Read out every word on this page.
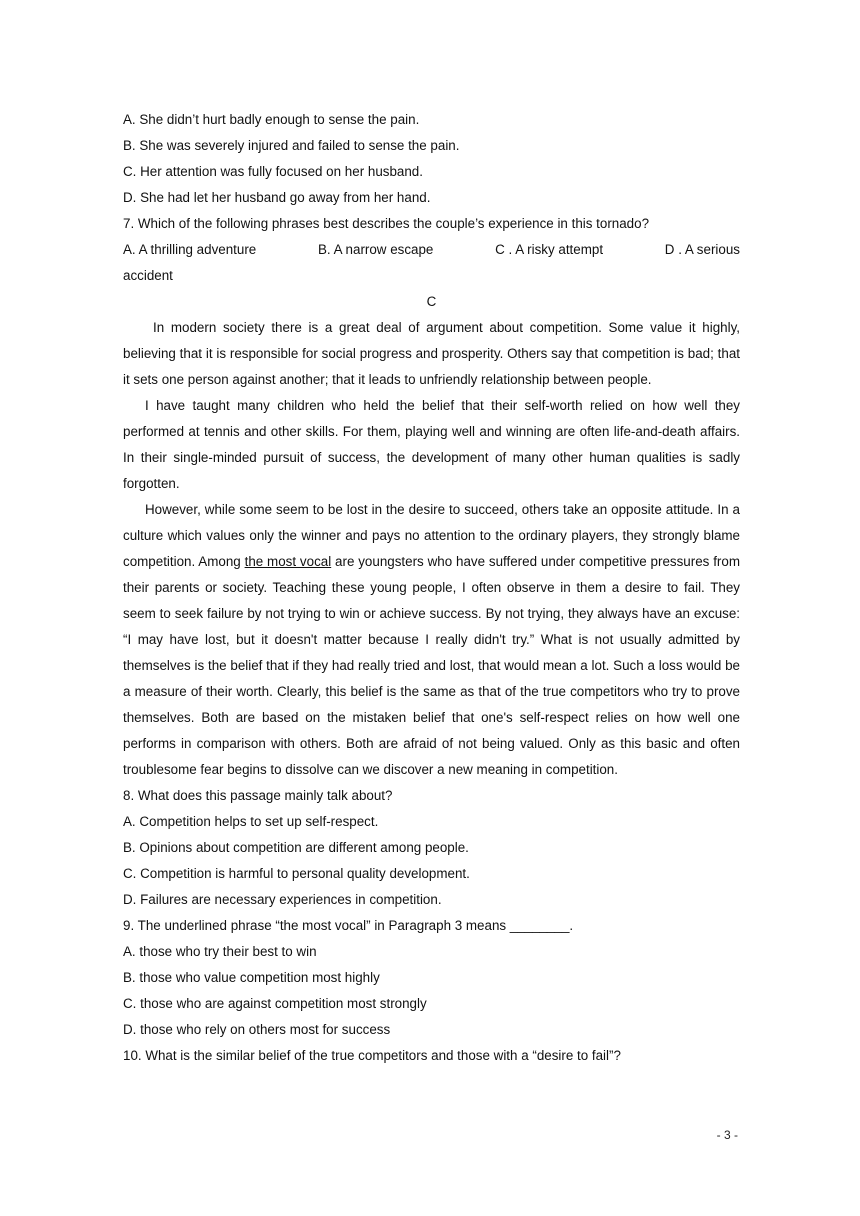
A. She didn’t hurt badly enough to sense the pain.
B. She was severely injured and failed to sense the pain.
C. Her attention was fully focused on her husband.
D. She had let her husband go away from her hand.
7. Which of the following phrases best describes the couple’s experience in this tornado?
A. A thrilling adventure	B. A narrow escape	C . A risky attempt	D . A serious
accident
C

In modern society there is a great deal of argument about competition. Some value it highly, believing that it is responsible for social progress and prosperity. Others say that competition is bad; that it sets one person against another; that it leads to unfriendly relationship between people.

I have taught many children who held the belief that their self-worth relied on how well they performed at tennis and other skills. For them, playing well and winning are often life-and-death affairs. In their single-minded pursuit of success, the development of many other human qualities is sadly forgotten.

However, while some seem to be lost in the desire to succeed, others take an opposite attitude. In a culture which values only the winner and pays no attention to the ordinary players, they strongly blame competition. Among the most vocal are youngsters who have suffered under competitive pressures from their parents or society. Teaching these young people, I often observe in them a desire to fail. They seem to seek failure by not trying to win or achieve success. By not trying, they always have an excuse: “I may have lost, but it doesn't matter because I really didn't try.” What is not usually admitted by themselves is the belief that if they had really tried and lost, that would mean a lot. Such a loss would be a measure of their worth. Clearly, this belief is the same as that of the true competitors who try to prove themselves. Both are based on the mistaken belief that one's self-respect relies on how well one performs in comparison with others. Both are afraid of not being valued. Only as this basic and often troublesome fear begins to dissolve can we discover a new meaning in competition.

8. What does this passage mainly talk about?
A. Competition helps to set up self-respect.
B. Opinions about competition are different among people.
C. Competition is harmful to personal quality development.
D. Failures are necessary experiences in competition.
9. The underlined phrase “the most vocal” in Paragraph 3 means ________.
A. those who try their best to win
B. those who value competition most highly
C. those who are against competition most strongly
D. those who rely on others most for success
10. What is the similar belief of the true competitors and those with a “desire to fail”?
- 3 -
